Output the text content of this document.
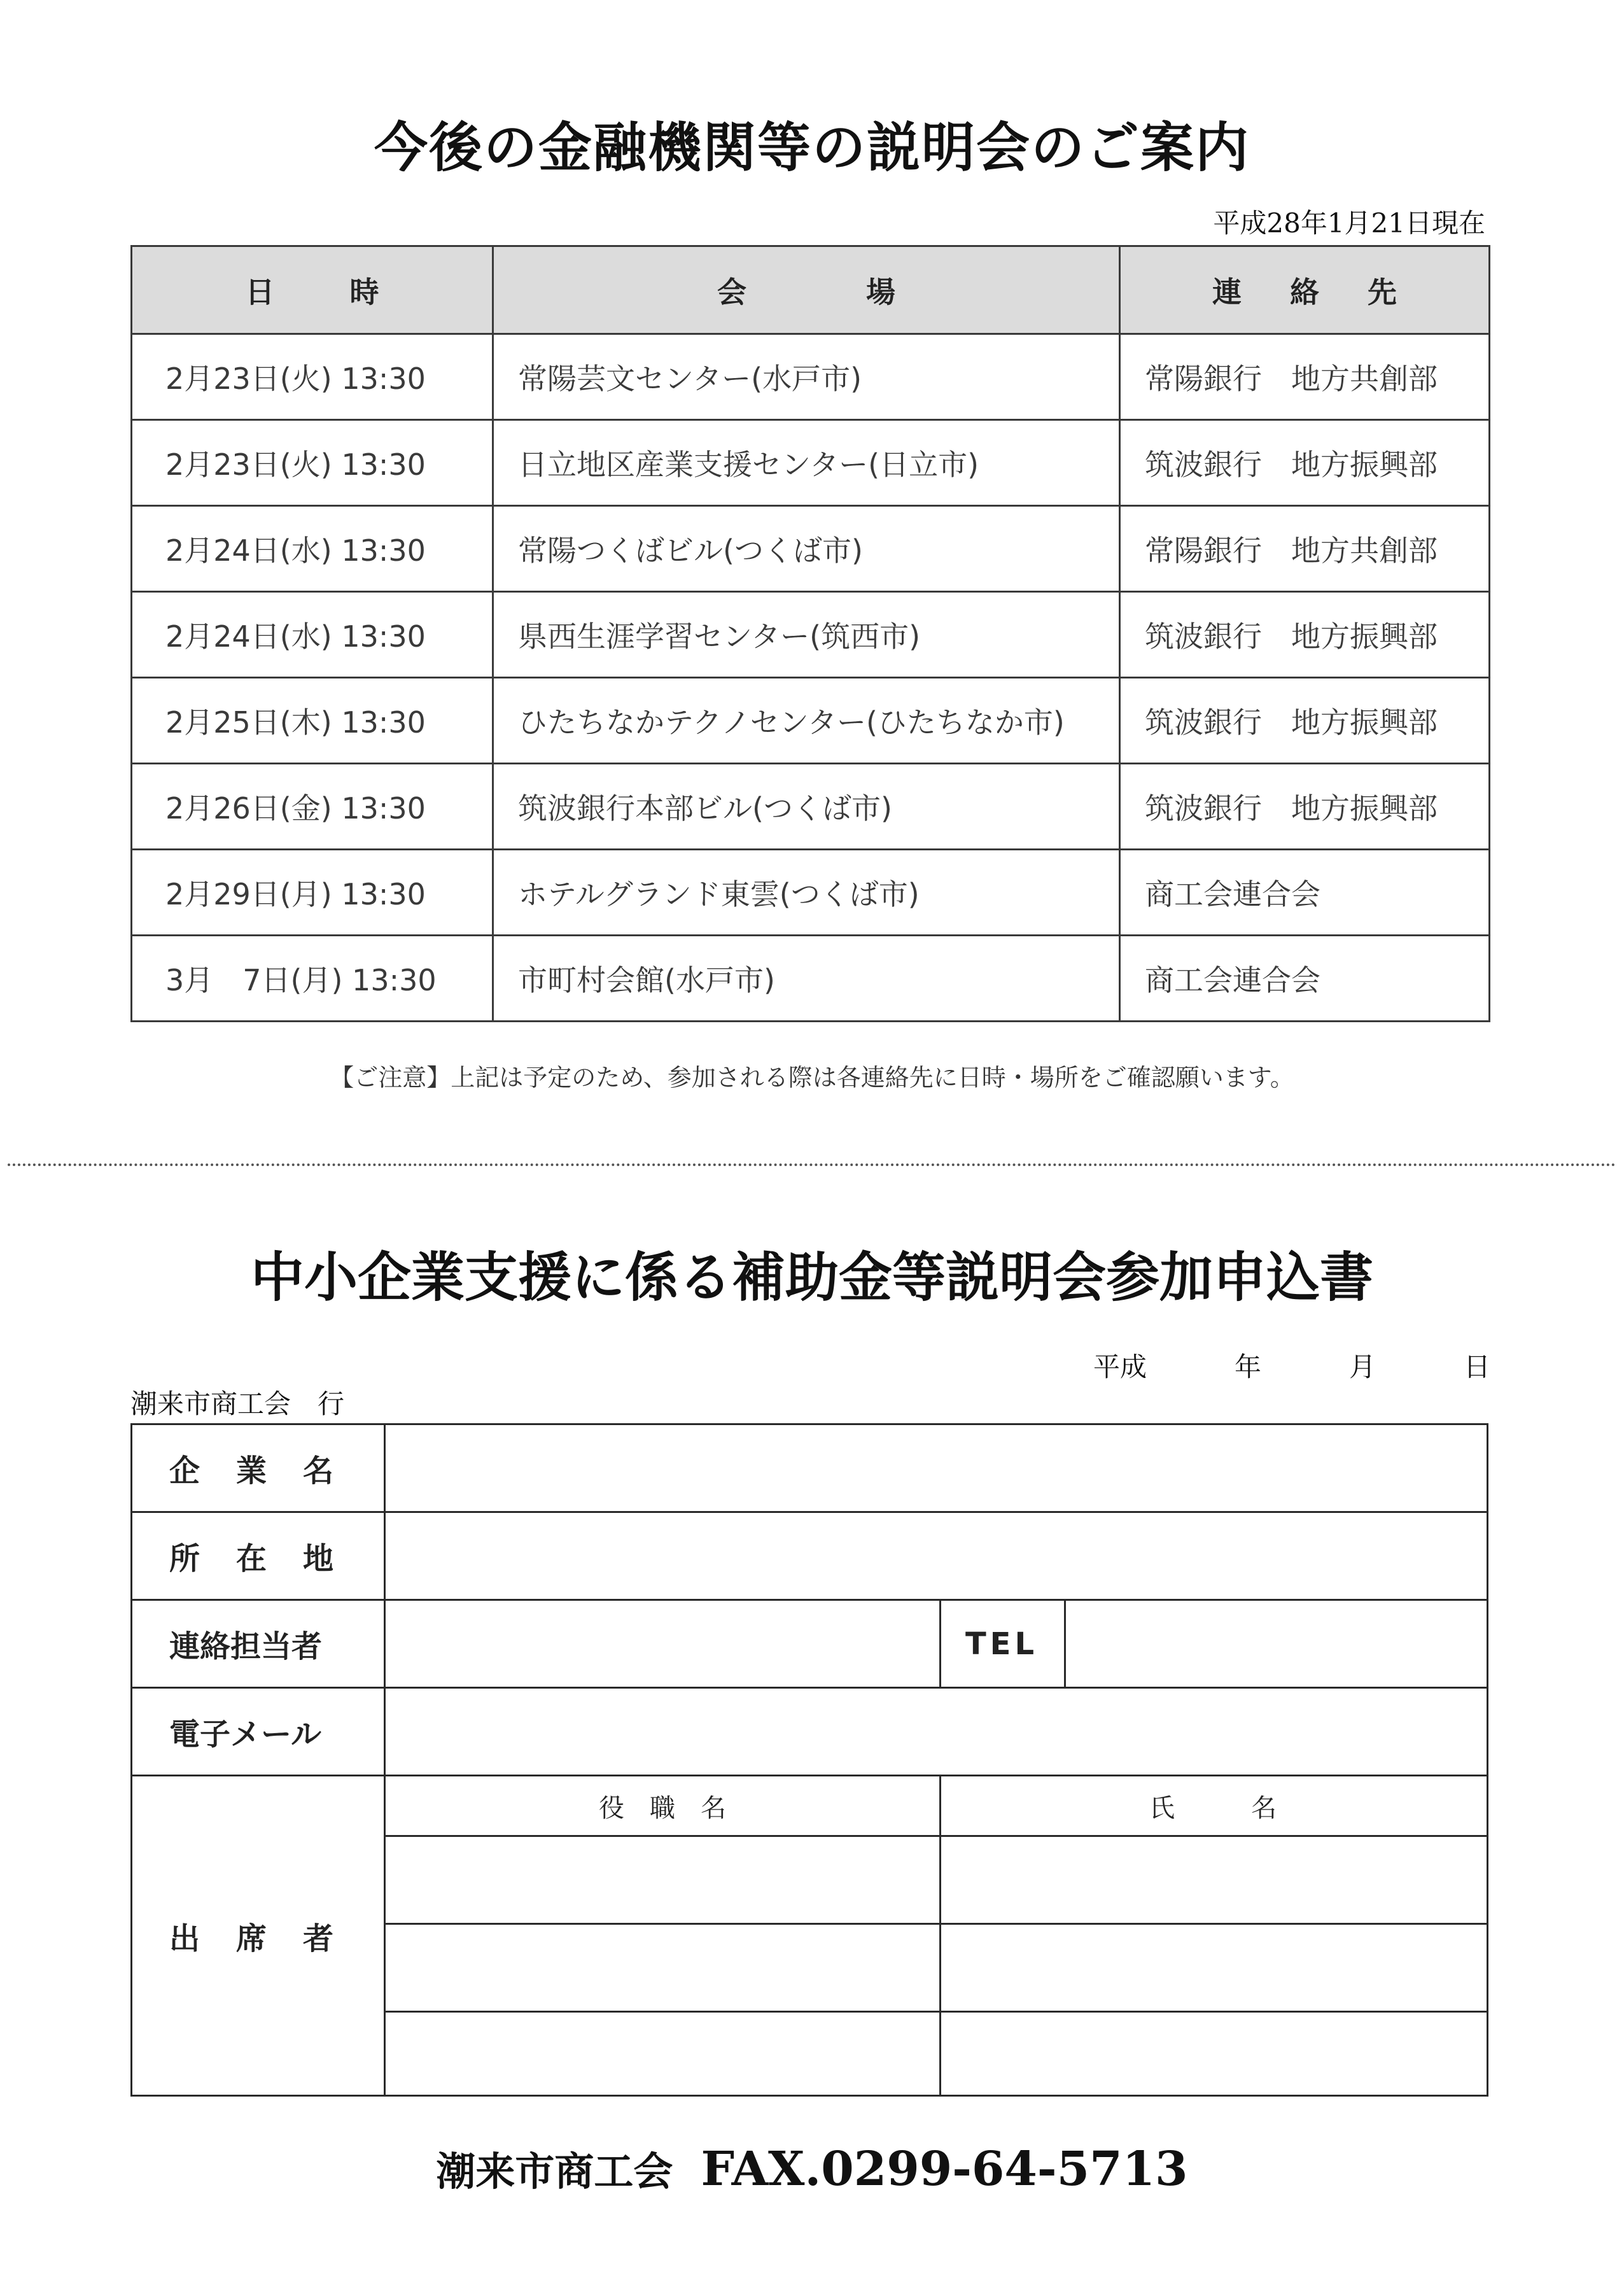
今後の金融機関等の説明会のご案内
平成28年1月21日現在
日 時	会 場	連 絡 先

2月23日(火) 13:30	常陽芸文センター(水戸市)	常陽銀行　地方共創部
2月23日(火) 13:30	日立地区産業支援センター(日立市)	筑波銀行　地方振興部
2月24日(水) 13:30	常陽つくばビル(つくば市)	常陽銀行　地方共創部
2月24日(水) 13:30	県西生涯学習センター(筑西市)	筑波銀行　地方振興部
2月25日(木) 13:30	ひたちなかテクノセンター(ひたちなか市)	筑波銀行　地方振興部
2月26日(金) 13:30	筑波銀行本部ビル(つくば市)	筑波銀行　地方振興部
2月29日(月) 13:30	ホテルグランド東雲(つくば市)	商工会連合会
3月　7日(月) 13:30	市町村会館(水戸市)	商工会連合会
【ご注意】上記は予定のため、参加される際は各連絡先に日時・場所をご確認願います。
中小企業支援に係る補助金等説明会参加申込書
平成	年	月	日
潮来市商工会　行
企 業 名
所 在 地
連絡担当者	TEL
電子メール
出 席 者
役　職　名	氏　　　名
潮来市商工会 FAX.0299-64-5713
